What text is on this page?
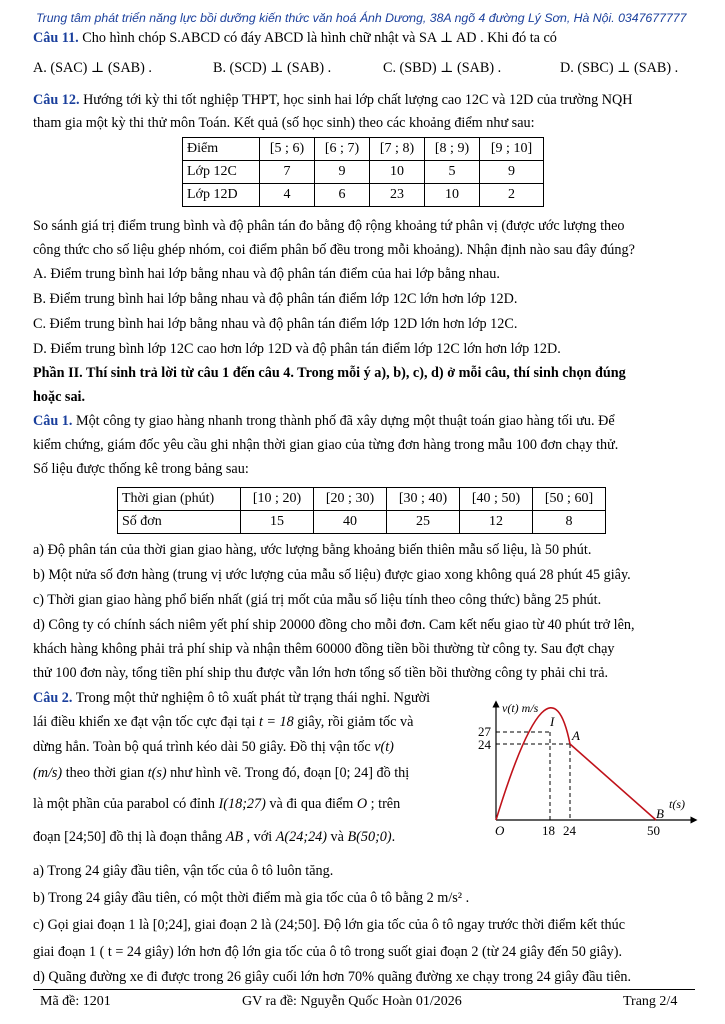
Trung tâm phát triển năng lực bồi dưỡng kiến thức văn hoá Ánh Dương, 38A ngõ 4 đường Lý Sơn, Hà Nội. 0347677777
Câu 11. Cho hình chóp S.ABCD có đáy ABCD là hình chữ nhật và SA ⊥ AD . Khi đó ta có
A. (SAC) ⊥ (SAB) .	B. (SCD) ⊥ (SAB) .	C. (SBD) ⊥ (SAB) .	D. (SBC) ⊥ (SAB) .
Câu 12. Hướng tới kỳ thi tốt nghiệp THPT, học sinh hai lớp chất lượng cao 12C và 12D của trường NQH
tham gia một kỳ thi thử môn Toán. Kết quả (số học sinh) theo các khoảng điểm như sau:
Điểm	[5 ; 6)	[6 ; 7)	[7 ; 8)	[8 ; 9)	[9 ; 10]
Lớp 12C	7	9	10	5	9
Lớp 12D	4	6	23	10	2
So sánh giá trị điểm trung bình và độ phân tán đo bằng độ rộng khoảng tứ phân vị (được ước lượng theo
công thức cho số liệu ghép nhóm, coi điểm phân bố đều trong mỗi khoảng). Nhận định nào sau đây đúng?
A. Điểm trung bình hai lớp bằng nhau và độ phân tán điểm của hai lớp bằng nhau.
B. Điểm trung bình hai lớp bằng nhau và độ phân tán điểm lớp 12C lớn hơn lớp 12D.
C. Điểm trung bình hai lớp bằng nhau và độ phân tán điểm lớp 12D lớn hơn lớp 12C.
D. Điểm trung bình lớp 12C cao hơn lớp 12D và độ phân tán điểm lớp 12C lớn hơn lớp 12D.
Phần II. Thí sinh trả lời từ câu 1 đến câu 4. Trong mỗi ý a), b), c), d) ở mỗi câu, thí sinh chọn đúng
hoặc sai.
Câu 1. Một công ty giao hàng nhanh trong thành phố đã xây dựng một thuật toán giao hàng tối ưu. Để
kiểm chứng, giám đốc yêu cầu ghi nhận thời gian giao của từng đơn hàng trong mẫu 100 đơn chạy thử.
Số liệu được thống kê trong bảng sau:
Thời gian (phút)	[10 ; 20)	[20 ; 30)	[30 ; 40)	[40 ; 50)	[50 ; 60]
Số đơn	15	40	25	12	8
a) Độ phân tán của thời gian giao hàng, ước lượng bằng khoảng biến thiên mẫu số liệu, là 50 phút.
b) Một nửa số đơn hàng (trung vị ước lượng của mẫu số liệu) được giao xong không quá 28 phút 45 giây.
c) Thời gian giao hàng phổ biến nhất (giá trị mốt của mẫu số liệu tính theo công thức) bằng 25 phút.
d) Công ty có chính sách niêm yết phí ship 20000 đồng cho mỗi đơn. Cam kết nếu giao từ 40 phút trở lên,
khách hàng không phải trả phí ship và nhận thêm 60000 đồng tiền bồi thường từ công ty. Sau đợt chạy
thử 100 đơn này, tổng tiền phí ship thu được vẫn lớn hơn tổng số tiền bồi thường công ty phải chi trả.
Câu 2. Trong một thử nghiệm ô tô xuất phát từ trạng thái nghỉ. Người
lái điều khiển xe đạt vận tốc cực đại tại t = 18 giây, rồi giảm tốc và
dừng hẳn. Toàn bộ quá trình kéo dài 50 giây. Đồ thị vận tốc v(t)
(m/s) theo thời gian t(s) như hình vẽ. Trong đó, đoạn [0; 24] đồ thị
là một phần của parabol có đỉnh I(18;27) và đi qua điểm O ; trên
đoạn [24;50] đồ thị là đoạn thẳng AB , với A(24;24) và B(50;0).
v(t) m/s
t(s)
27
24
I
A
B
O	18 24	50
a) Trong 24 giây đầu tiên, vận tốc của ô tô luôn tăng.
b) Trong 24 giây đầu tiên, có một thời điểm mà gia tốc của ô tô bằng 2 m/s² .
c) Gọi giai đoạn 1 là [0;24], giai đoạn 2 là (24;50]. Độ lớn gia tốc của ô tô ngay trước thời điểm kết thúc
giai đoạn 1 ( t = 24 giây) lớn hơn độ lớn gia tốc của ô tô trong suốt giai đoạn 2 (từ 24 giây đến 50 giây).
d) Quãng đường xe đi được trong 26 giây cuối lớn hơn 70% quãng đường xe chạy trong 24 giây đầu tiên.
Mã đề: 1201	GV ra đề: Nguyễn Quốc Hoàn 01/2026	Trang 2/4
